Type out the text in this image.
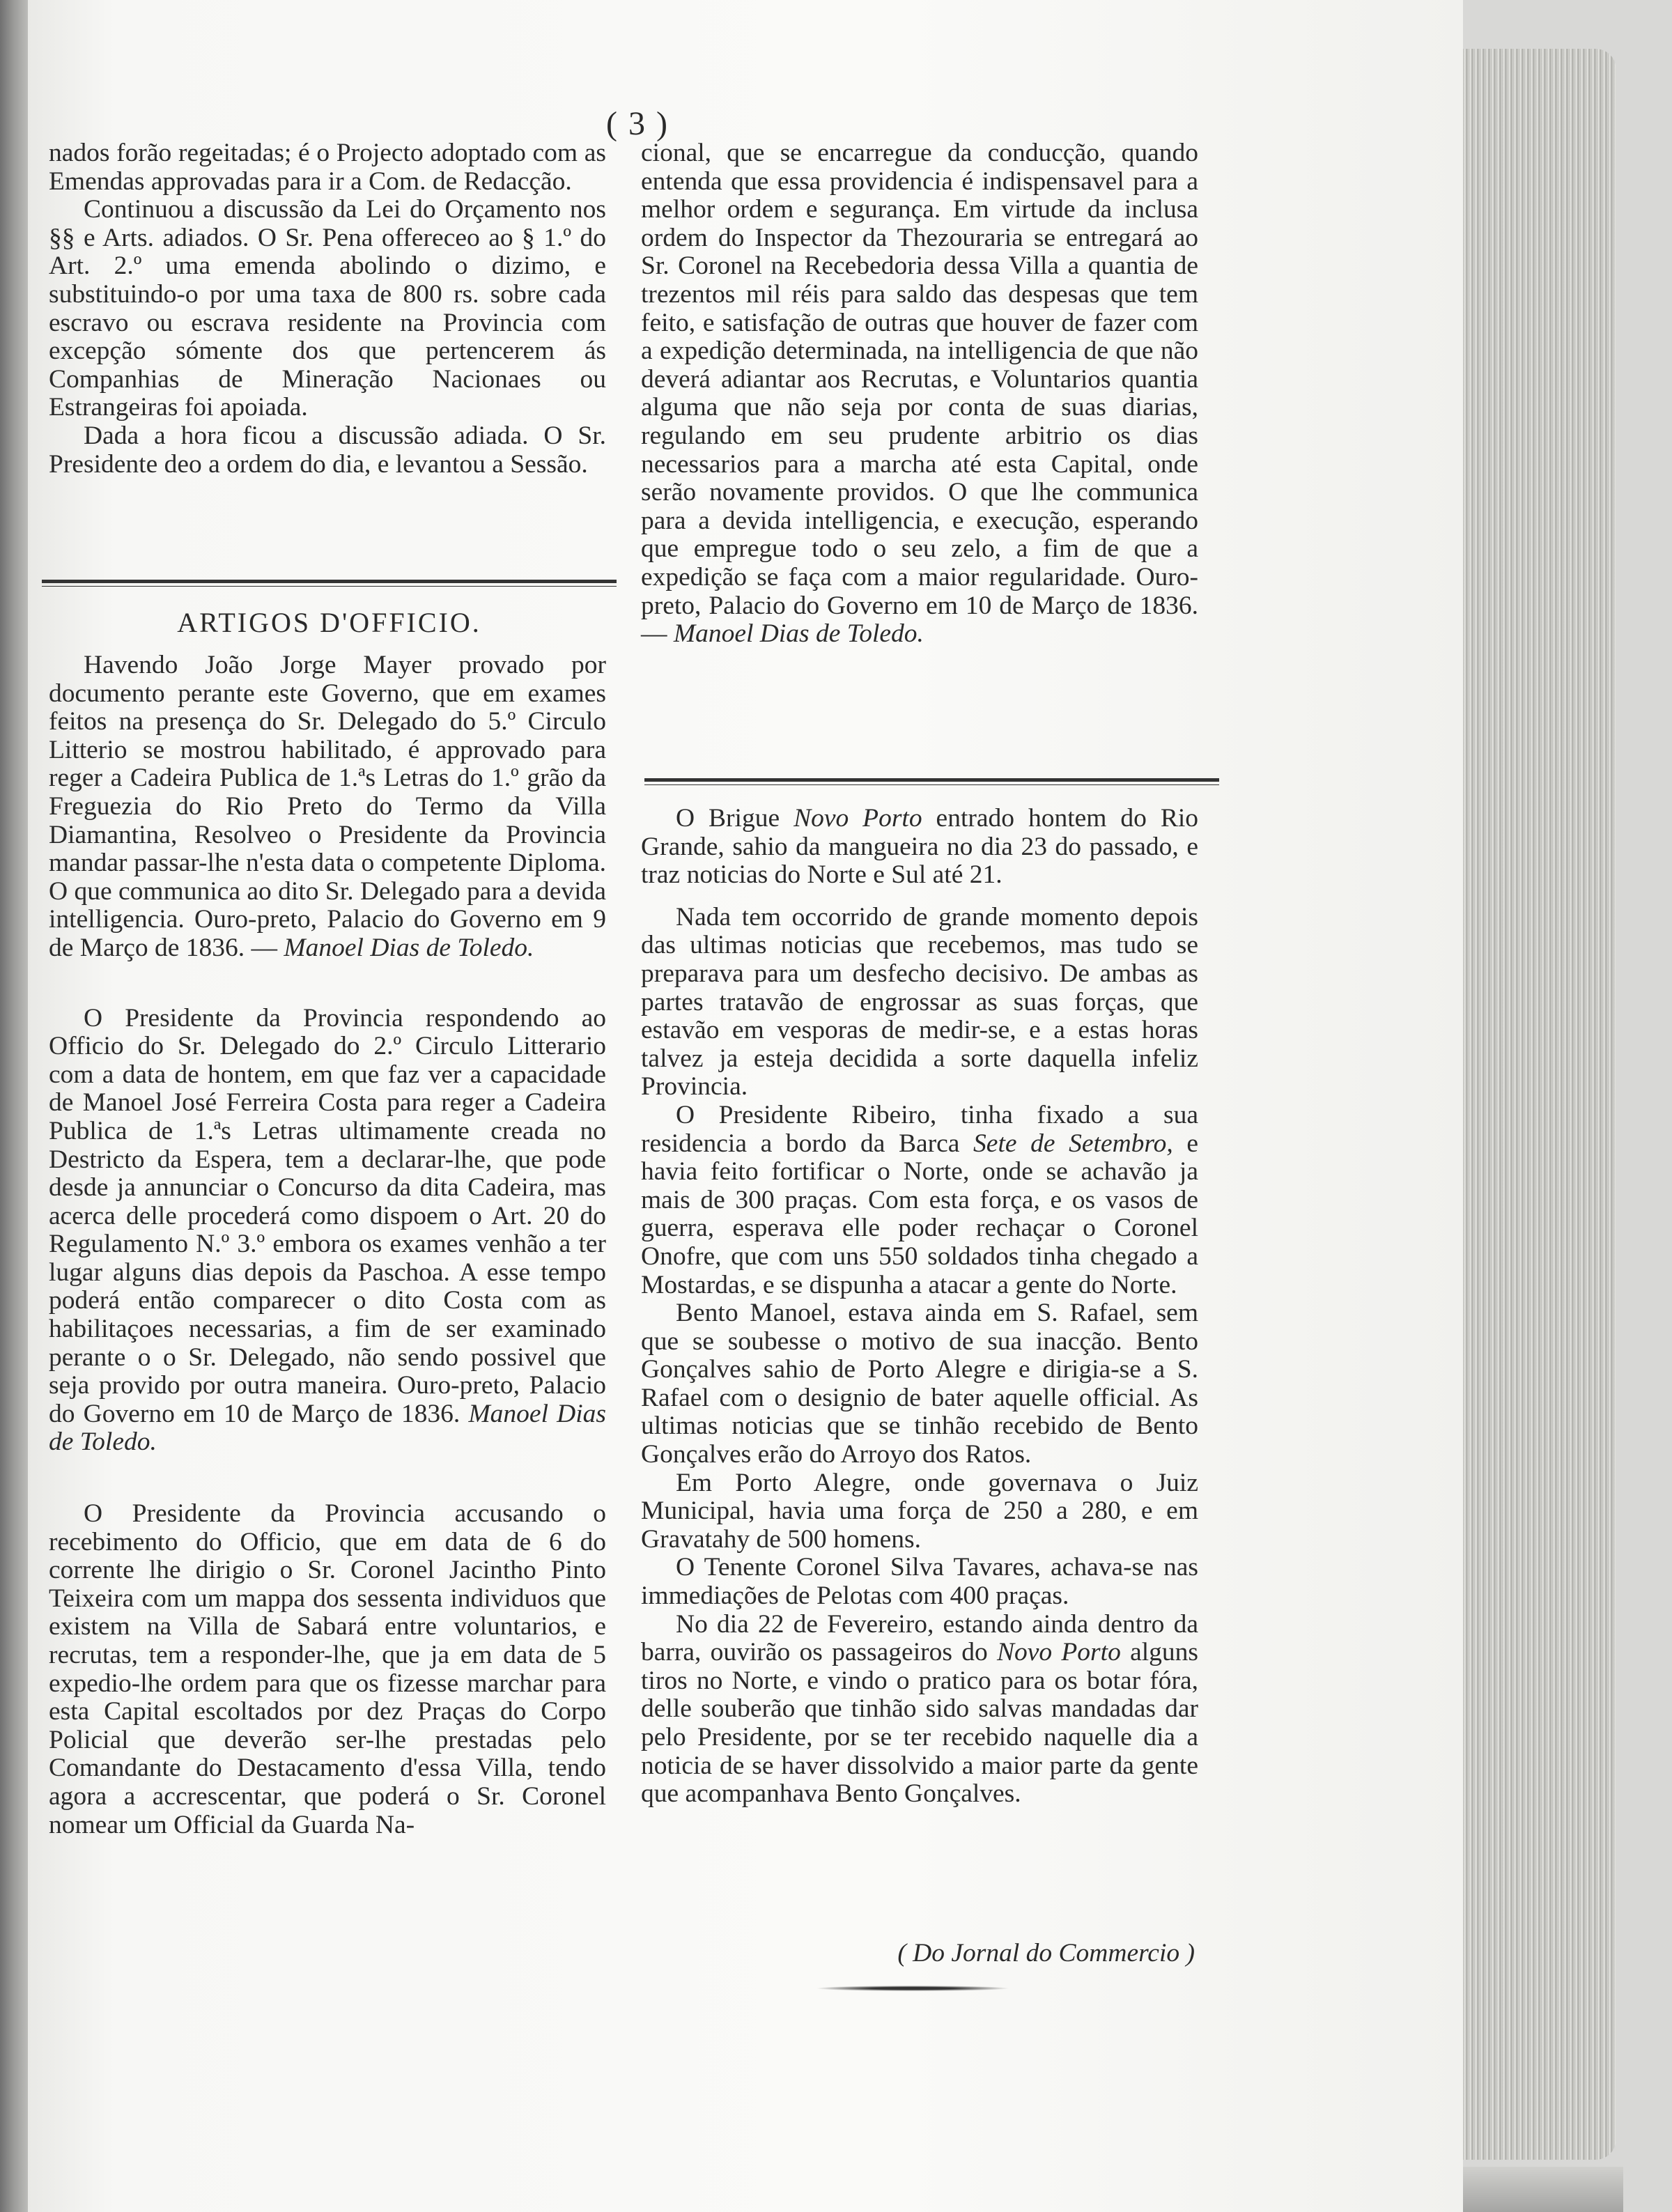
( 3 )

nados forão regeitadas; é o Projecto adoptado com as Emendas approvadas para ir a Com. de Redacção.

Continuou a discussão da Lei do Orçamento nos §§ e Arts. adiados. O Sr. Pena offereceo ao § 1.º do Art. 2.º uma emenda abolindo o dizimo, e substituindo-o por uma taxa de 800 rs. sobre cada escravo ou escrava residente na Provincia com excepção sómente dos que pertencerem ás Companhias de Mineração Nacionaes ou Estrangeiras foi apoiada.

Dada a hora ficou a discussão adiada. O Sr. Presidente deo a ordem do dia, e levantou a Sessão.

ARTIGOS D'OFFICIO.

Havendo João Jorge Mayer provado por documento perante este Governo, que em exames feitos na presença do Sr. Delegado do 5.º Circulo Litterio se mostrou habilitado, é approvado para reger a Cadeira Publica de 1.ªs Letras do 1.º grão da Freguezia do Rio Preto do Termo da Villa Diamantina, Resolveo o Presidente da Provincia mandar passar-lhe n'esta data o competente Diploma. O que communica ao dito Sr. Delegado para a devida intelligencia. Ouro-preto, Palacio do Governo em 9 de Março de 1836. — Manoel Dias de Toledo.

O Presidente da Provincia respondendo ao Officio do Sr. Delegado do 2.º Circulo Litterario com a data de hontem, em que faz ver a capacidade de Manoel José Ferreira Costa para reger a Cadeira Publica de 1.ªs Letras ultimamente creada no Destricto da Espera, tem a declarar-lhe, que pode desde ja annunciar o Concurso da dita Cadeira, mas acerca delle procederá como dispoem o Art. 20 do Regulamento N.º 3.º embora os exames venhão a ter lugar alguns dias depois da Paschoa. A esse tempo poderá então comparecer o dito Costa com as habilitaçoes necessarias, a fim de ser examinado perante o o Sr. Delegado, não sendo possivel que seja provido por outra maneira. Ouro-preto, Palacio do Governo em 10 de Março de 1836. Manoel Dias de Toledo.

O Presidente da Provincia accusando o recebimento do Officio, que em data de 6 do corrente lhe dirigio o Sr. Coronel Jacintho Pinto Teixeira com um mappa dos sessenta individuos que existem na Villa de Sabará entre voluntarios, e recrutas, tem a responder-lhe, que ja em data de 5 expedio-lhe ordem para que os fizesse marchar para esta Capital escoltados por dez Praças do Corpo Policial que deverão ser-lhe prestadas pelo Comandante do Destacamento d'essa Villa, tendo agora a accrescentar, que poderá o Sr. Coronel nomear um Official da Guarda Na-

cional, que se encarregue da conducção, quando entenda que essa providencia é indispensavel para a melhor ordem e segurança. Em virtude da inclusa ordem do Inspector da Thezouraria se entregará ao Sr. Coronel na Recebedoria dessa Villa a quantia de trezentos mil réis para saldo das despesas que tem feito, e satisfação de outras que houver de fazer com a expedição determinada, na intelligencia de que não deverá adiantar aos Recrutas, e Voluntarios quantia alguma que não seja por conta de suas diarias, regulando em seu prudente arbitrio os dias necessarios para a marcha até esta Capital, onde serão novamente providos. O que lhe communica para a devida intelligencia, e execução, esperando que empregue todo o seu zelo, a fim de que a expedição se faça com a maior regularidade. Ouro-preto, Palacio do Governo em 10 de Março de 1836. — Manoel Dias de Toledo.

O Brigue Novo Porto entrado hontem do Rio Grande, sahio da mangueira no dia 23 do passado, e traz noticias do Norte e Sul até 21.

Nada tem occorrido de grande momento depois das ultimas noticias que recebemos, mas tudo se preparava para um desfecho decisivo. De ambas as partes tratavão de engrossar as suas forças, que estavão em vesporas de medir-se, e a estas horas talvez ja esteja decidida a sorte daquella infeliz Provincia.

O Presidente Ribeiro, tinha fixado a sua residencia a bordo da Barca Sete de Setembro, e havia feito fortificar o Norte, onde se achavão ja mais de 300 praças. Com esta força, e os vasos de guerra, esperava elle poder rechaçar o Coronel Onofre, que com uns 550 soldados tinha chegado a Mostardas, e se dispunha a atacar a gente do Norte.

Bento Manoel, estava ainda em S. Rafael, sem que se soubesse o motivo de sua inacção. Bento Gonçalves sahio de Porto Alegre e dirigia-se a S. Rafael com o designio de bater aquelle official. As ultimas noticias que se tinhão recebido de Bento Gonçalves erão do Arroyo dos Ratos.

Em Porto Alegre, onde governava o Juiz Municipal, havia uma força de 250 a 280, e em Gravatahy de 500 homens.

O Tenente Coronel Silva Tavares, achava-se nas immediações de Pelotas com 400 praças.

No dia 22 de Fevereiro, estando ainda dentro da barra, ouvirão os passageiros do Novo Porto alguns tiros no Norte, e vindo o pratico para os botar fóra, delle souberão que tinhão sido salvas mandadas dar pelo Presidente, por se ter recebido naquelle dia a noticia de se haver dissolvido a maior parte da gente que acompanhava Bento Gonçalves.

( Do Jornal do Commercio )
